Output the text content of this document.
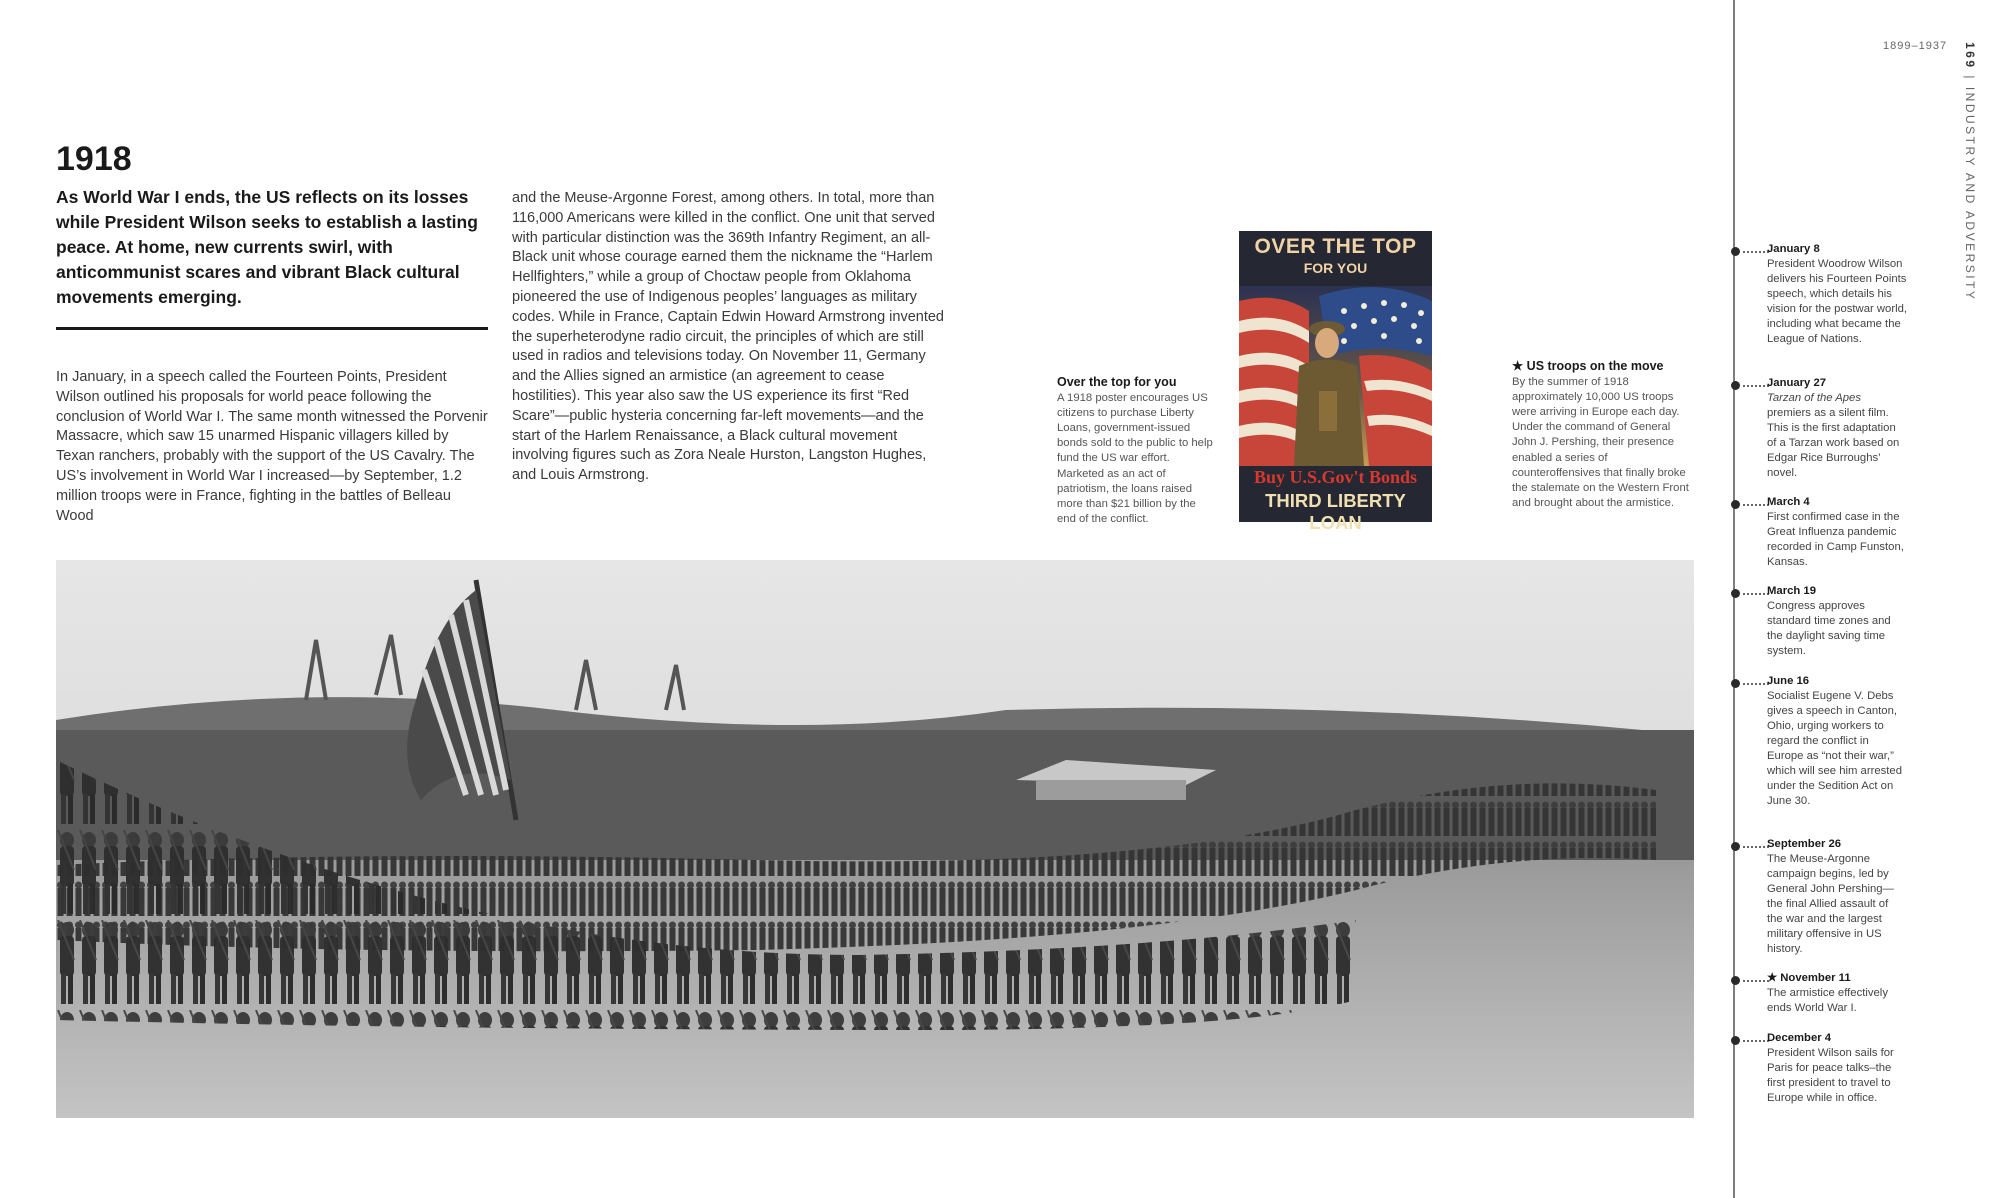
1918

As World War I ends, the US reflects on its losses while President Wilson seeks to establish a lasting peace. At home, new currents swirl, with anticommunist scares and vibrant Black cultural movements emerging.

In January, in a speech called the Fourteen Points, President Wilson outlined his proposals for world peace following the conclusion of World War I. The same month witnessed the Porvenir Massacre, which saw 15 unarmed Hispanic villagers killed by Texan ranchers, probably with the support of the US Cavalry. The US’s involvement in World War I increased—by September, 1.2 million troops were in France, fighting in the battles of Belleau Wood

and the Meuse-Argonne Forest, among others. In total, more than 116,000 Americans were killed in the conflict. One unit that served with particular distinction was the 369th Infantry Regiment, an all-Black unit whose courage earned them the nickname the “Harlem Hellfighters,” while a group of Choctaw people from Oklahoma pioneered the use of Indigenous peoples’ languages as military codes. While in France, Captain Edwin Howard Armstrong invented the superheterodyne radio circuit, the principles of which are still used in radios and televisions today. On November 11, Germany and the Allies signed an armistice (an agreement to cease hostilities). This year also saw the US experience its first “Red Scare”—public hysteria concerning far-left movements—and the start of the Harlem Renaissance, a Black cultural movement involving figures such as Zora Neale Hurston, Langston Hughes, and Louis Armstrong.

Over the top for you
A 1918 poster encourages US citizens to purchase Liberty Loans, government-issued bonds sold to the public to help fund the US war effort. Marketed as an act of patriotism, the loans raised more than $21 billion by the end of the conflict.
OVER THE TOP
FOR YOU
Buy U.S.Gov't Bonds
THIRD LIBERTY LOAN
★ US troops on the move
By the summer of 1918 approximately 10,000 US troops were arriving in Europe each day. Under the command of General John J. Pershing, their presence enabled a series of counteroffensives that finally broke the stalemate on the Western Front and brought about the armistice.
1899–1937 169 | INDUSTRY AND ADVERSITY
January 8
President Woodrow Wilson delivers his Fourteen Points speech, which details his vision for the postwar world, including what became the League of Nations.
January 27
Tarzan of the Apes premiers as a silent film. This is the first adaptation of a Tarzan work based on Edgar Rice Burroughs’ novel.
March 4
First confirmed case in the Great Influenza pandemic recorded in Camp Funston, Kansas.
March 19
Congress approves standard time zones and the daylight saving time system.
June 16
Socialist Eugene V. Debs gives a speech in Canton, Ohio, urging workers to regard the conflict in Europe as “not their war,” which will see him arrested under the Sedition Act on June 30.
September 26
The Meuse-Argonne campaign begins, led by General John Pershing—the final Allied assault of the war and the largest military offensive in US history.
★ November 11
The armistice effectively ends World War I.
December 4
President Wilson sails for Paris for peace talks–the first president to travel to Europe while in office.
